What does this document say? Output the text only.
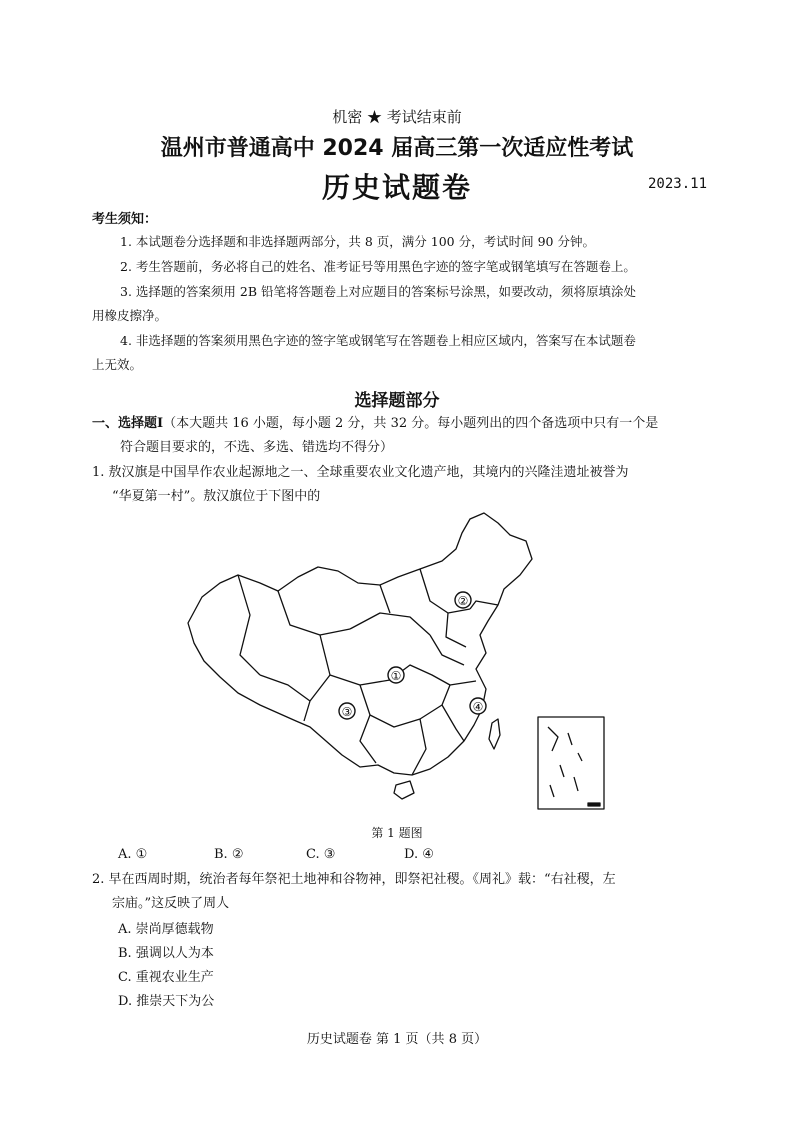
机密 ★ 考试结束前
温州市普通高中 2024 届高三第一次适应性考试
历史试题卷	2023.11
考生须知：
1. 本试题卷分选择题和非选择题两部分，共 8 页，满分 100 分，考试时间 90 分钟。
2. 考生答题前，务必将自己的姓名、准考证号等用黑色字迹的签字笔或钢笔填写在答题卷上。
3. 选择题的答案须用 2B 铅笔将答题卷上对应题目的答案标号涂黑，如要改动，须将原填涂处
用橡皮擦净。
4. 非选择题的答案须用黑色字迹的签字笔或钢笔写在答题卷上相应区域内，答案写在本试题卷
上无效。
选择题部分
一、选择题Ⅰ（本大题共 16 小题，每小题 2 分，共 32 分。每小题列出的四个备选项中只有一个是
符合题目要求的，不选、多选、错选均不得分）
1. 敖汉旗是中国旱作农业起源地之一、全球重要农业文化遗产地，其境内的兴隆洼遗址被誉为
“华夏第一村”。敖汉旗位于下图中的
①
②
③	④
第 1 题图
A. ①	B. ②	C. ③	D. ④
2. 早在西周时期，统治者每年祭祀土地神和谷物神，即祭祀社稷。《周礼》载：“右社稷，左
宗庙。”这反映了周人
A. 崇尚厚德载物
B. 强调以人为本
C. 重视农业生产
D. 推崇天下为公
历史试题卷 第 1 页（共 8 页）
